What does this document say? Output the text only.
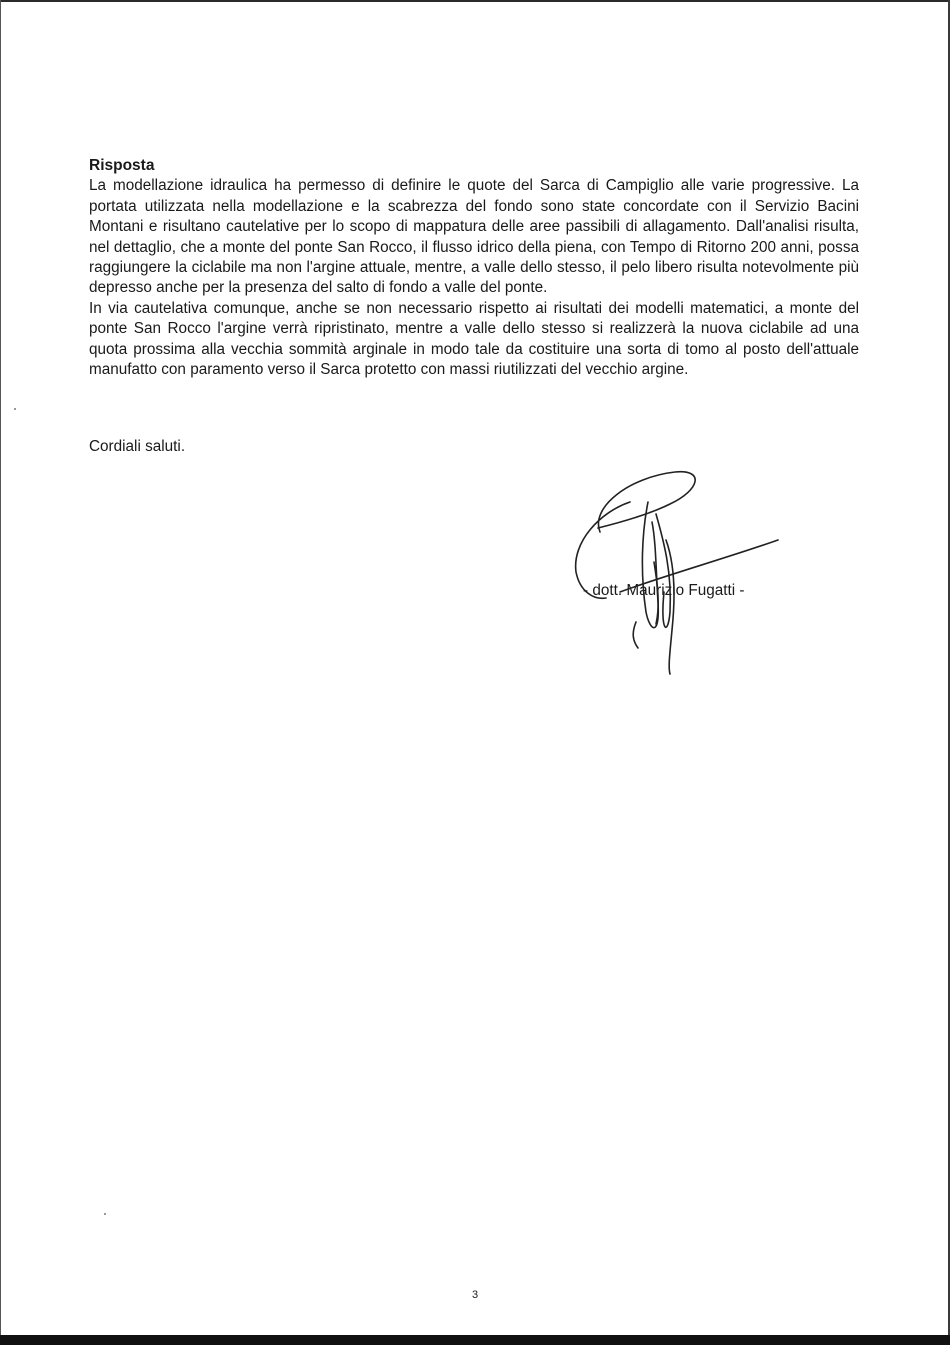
Risposta

La modellazione idraulica ha permesso di definire le quote del Sarca di Campiglio alle varie progressive. La portata utilizzata nella modellazione e la scabrezza del fondo sono state concordate con il Servizio Bacini Montani e risultano cautelative per lo scopo di mappatura delle aree passibili di allagamento. Dall'analisi risulta, nel dettaglio, che a monte del ponte San Rocco, il flusso idrico della piena, con Tempo di Ritorno 200 anni, possa raggiungere la ciclabile ma non l'argine attuale, mentre, a valle dello stesso, il pelo libero risulta notevolmente più depresso anche per la presenza del salto di fondo a valle del ponte.

In via cautelativa comunque, anche se non necessario rispetto ai risultati dei modelli matematici, a monte del ponte San Rocco l'argine verrà ripristinato, mentre a valle dello stesso si realizzerà la nuova ciclabile ad una quota prossima alla vecchia sommità arginale in modo tale da costituire una sorta di tomo al posto dell'attuale manufatto con paramento verso il Sarca protetto con massi riutilizzati del vecchio argine.

Cordiali saluti.
- dott. Maurizio Fugatti -
3
